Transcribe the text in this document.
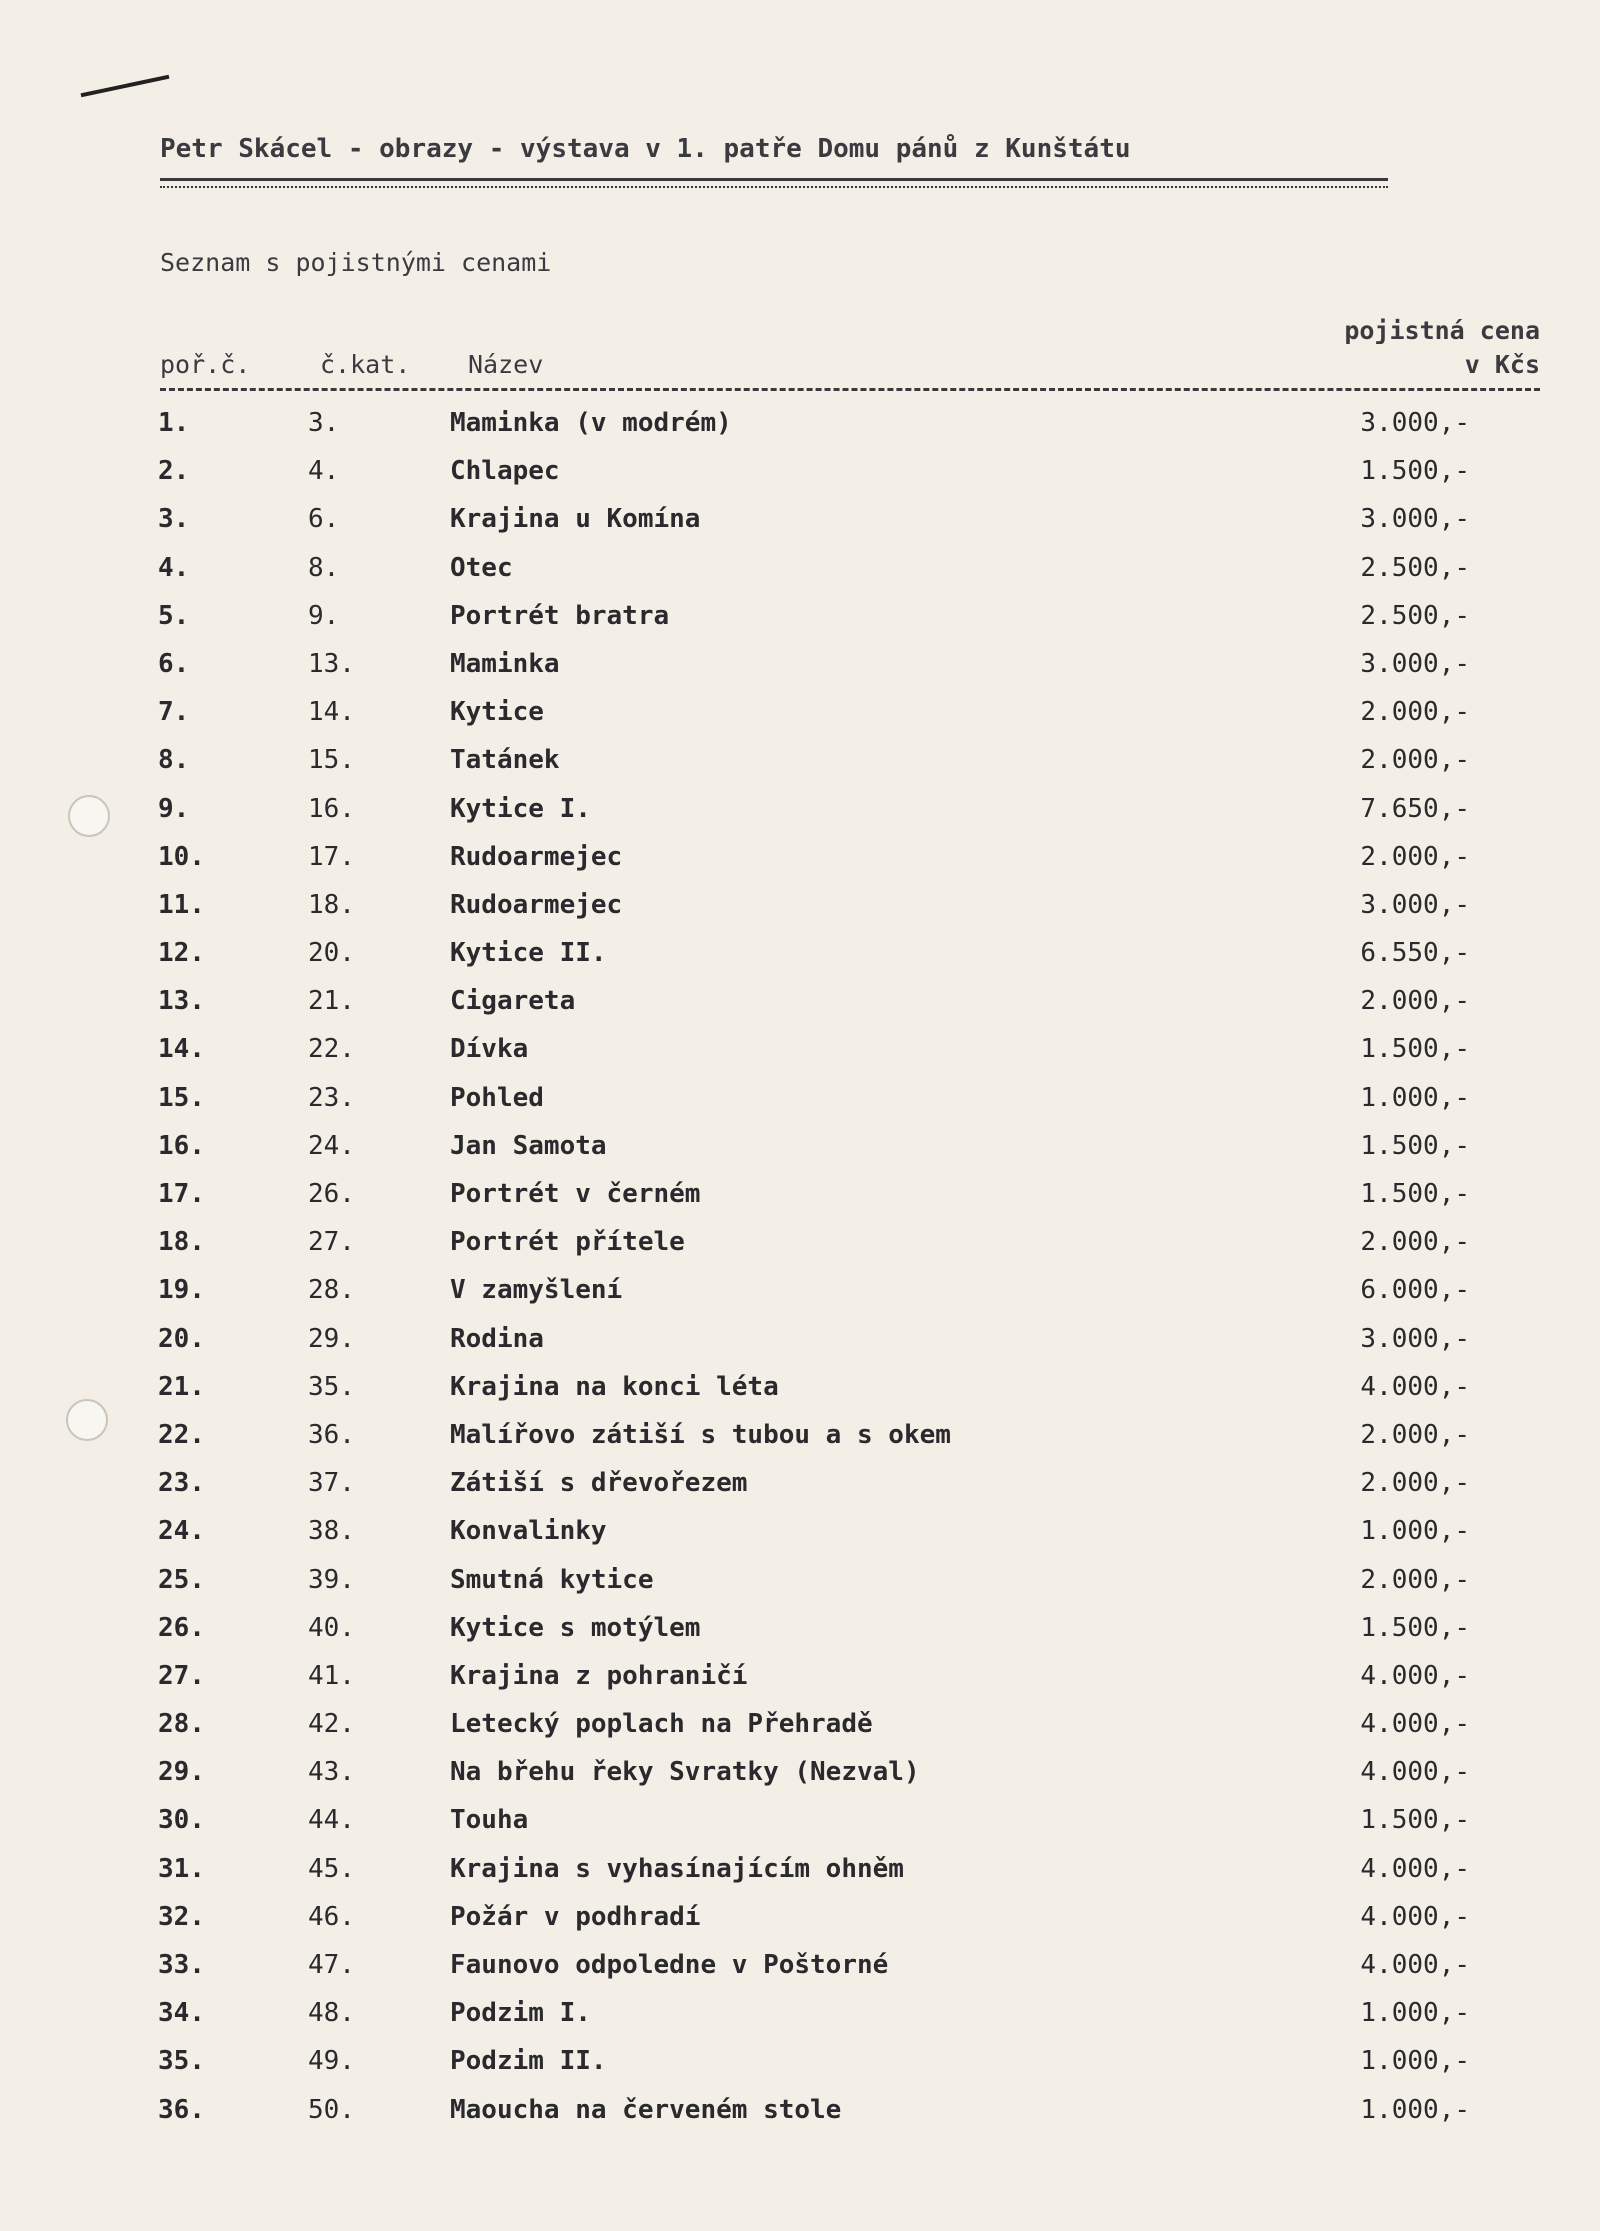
Petr Skácel - obrazy - výstava v 1. patře Domu pánů z Kunštátu
Seznam s pojistnými cenami
poř.č.	č.kat. Název
pojistná cena
v Kčs
1.	3.	Maminka (v modrém)	3.000,-
2.	4.	Chlapec	1.500,-
3.	6.	Krajina u Komína	3.000,-
4.	8.	Otec	2.500,-
5.	9.	Portrét bratra	2.500,-
6.	13.	Maminka	3.000,-
7.	14.	Kytice	2.000,-
8.	15.	Tatánek	2.000,-
9.	16.	Kytice I.	7.650,-
10.	17.	Rudoarmejec	2.000,-
11.	18.	Rudoarmejec	3.000,-
12.	20.	Kytice II.	6.550,-
13.	21.	Cigareta	2.000,-
14.	22.	Dívka	1.500,-
15.	23.	Pohled	1.000,-
16.	24.	Jan Samota	1.500,-
17.	26.	Portrét v černém	1.500,-
18.	27.	Portrét přítele	2.000,-
19.	28.	V zamyšlení	6.000,-
20.	29.	Rodina	3.000,-
21.	35.	Krajina na konci léta	4.000,-
22.	36.	Malířovo zátiší s tubou a s okem	2.000,-
23.	37.	Zátiší s dřevořezem	2.000,-
24.	38.	Konvalinky	1.000,-
25.	39.	Smutná kytice	2.000,-
26.	40.	Kytice s motýlem	1.500,-
27.	41.	Krajina z pohraničí	4.000,-
28.	42.	Letecký poplach na Přehradě	4.000,-
29.	43.	Na břehu řeky Svratky (Nezval)	4.000,-
30.	44.	Touha	1.500,-
31.	45.	Krajina s vyhasínajícím ohněm	4.000,-
32.	46.	Požár v podhradí	4.000,-
33.	47.	Faunovo odpoledne v Poštorné	4.000,-
34.	48.	Podzim I.	1.000,-
35.	49.	Podzim II.	1.000,-
36.	50.	Maoucha na červeném stole	1.000,-
